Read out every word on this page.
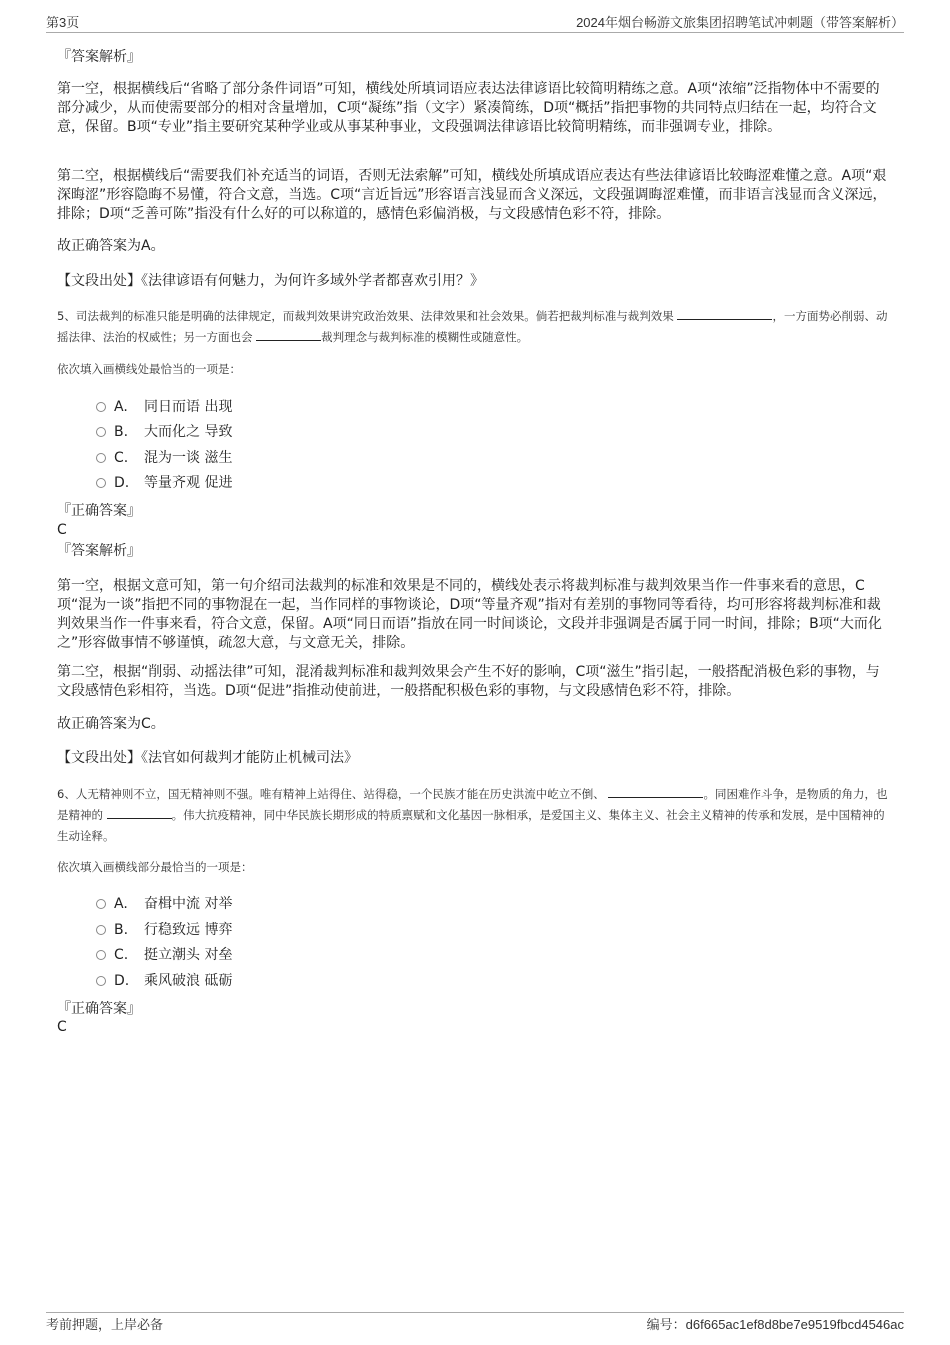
第3页	2024年烟台畅游文旅集团招聘笔试冲刺题（带答案解析）
『答案解析』
第一空，根据横线后“省略了部分条件词语”可知，横线处所填词语应表达法律谚语比较简明精练之意。A项“浓缩”泛指物体中不需要的部分减少，从而使需要部分的相对含量增加，C项“凝练”指（文字）紧凑简练，D项“概括”指把事物的共同特点归结在一起，均符合文意，保留。B项“专业”指主要研究某种学业或从事某种事业，文段强调法律谚语比较简明精练，而非强调专业，排除。
第二空，根据横线后“需要我们补充适当的词语，否则无法索解”可知，横线处所填成语应表达有些法律谚语比较晦涩难懂之意。A项“艰深晦涩”形容隐晦不易懂，符合文意，当选。C项“言近旨远”形容语言浅显而含义深远，文段强调晦涩难懂，而非语言浅显而含义深远，排除；D项“乏善可陈”指没有什么好的可以称道的，感情色彩偏消极，与文段感情色彩不符，排除。
故正确答案为A。
【文段出处】《法律谚语有何魅力，为何许多域外学者都喜欢引用？》
5、司法裁判的标准只能是明确的法律规定，而裁判效果讲究政治效果、法律效果和社会效果。倘若把裁判标准与裁判效果	，一方面势必削弱、动摇法律、法治的权威性；另一方面也会	裁判理念与裁判标准的模糊性或随意性。
依次填入画横线处最恰当的一项是：
A. 同日而语 出现
B. 大而化之 导致
C. 混为一谈 滋生
D. 等量齐观 促进
『正确答案』
C
『答案解析』
第一空，根据文意可知，第一句介绍司法裁判的标准和效果是不同的，横线处表示将裁判标准与裁判效果当作一件事来看的意思，C项“混为一谈”指把不同的事物混在一起，当作同样的事物谈论，D项“等量齐观”指对有差别的事物同等看待，均可形容将裁判标准和裁判效果当作一件事来看，符合文意，保留。A项“同日而语”指放在同一时间谈论，文段并非强调是否属于同一时间，排除；B项“大而化之”形容做事情不够谨慎，疏忽大意，与文意无关，排除。
第二空，根据“削弱、动摇法律”可知，混淆裁判标准和裁判效果会产生不好的影响，C项“滋生”指引起，一般搭配消极色彩的事物，与文段感情色彩相符，当选。D项“促进”指推动使前进，一般搭配积极色彩的事物，与文段感情色彩不符，排除。
故正确答案为C。
【文段出处】《法官如何裁判才能防止机械司法》
6、人无精神则不立，国无精神则不强。唯有精神上站得住、站得稳，一个民族才能在历史洪流中屹立不倒、	。同困难作斗争，是物质的角力，也是精神的	。伟大抗疫精神，同中华民族长期形成的特质禀赋和文化基因一脉相承，是爱国主义、集体主义、社会主义精神的传承和发展，是中国精神的生动诠释。
依次填入画横线部分最恰当的一项是：
A. 奋楫中流 对举
B. 行稳致远 博弈
C. 挺立潮头 对垒
D. 乘风破浪 砥砺
『正确答案』
C
考前押题，上岸必备	编号：d6f665ac1ef8d8be7e9519fbcd4546ac
